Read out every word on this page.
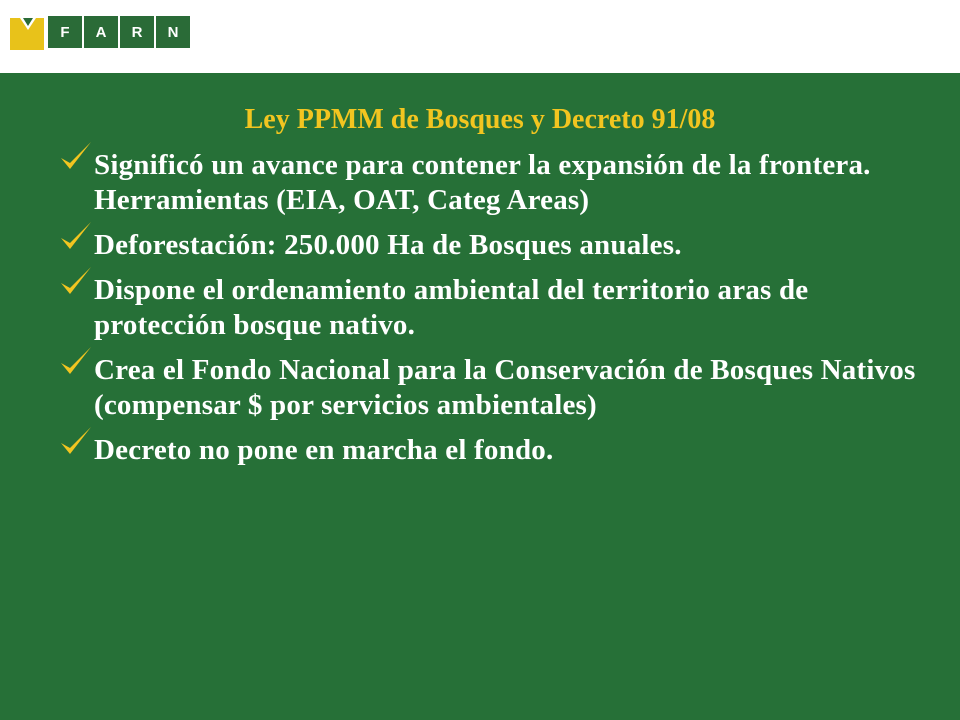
F	A	R	N
Ley PPMM de Bosques y Decreto 91/08
Significó un avance para contener la expansión de la frontera. Herramientas (EIA, OAT, Categ Areas)
Deforestación: 250.000 Ha de Bosques anuales.
Dispone el ordenamiento ambiental del territorio aras de protección bosque nativo.
Crea el Fondo Nacional para la Conservación de Bosques Nativos (compensar $ por servicios ambientales)
Decreto no pone en marcha el fondo.
